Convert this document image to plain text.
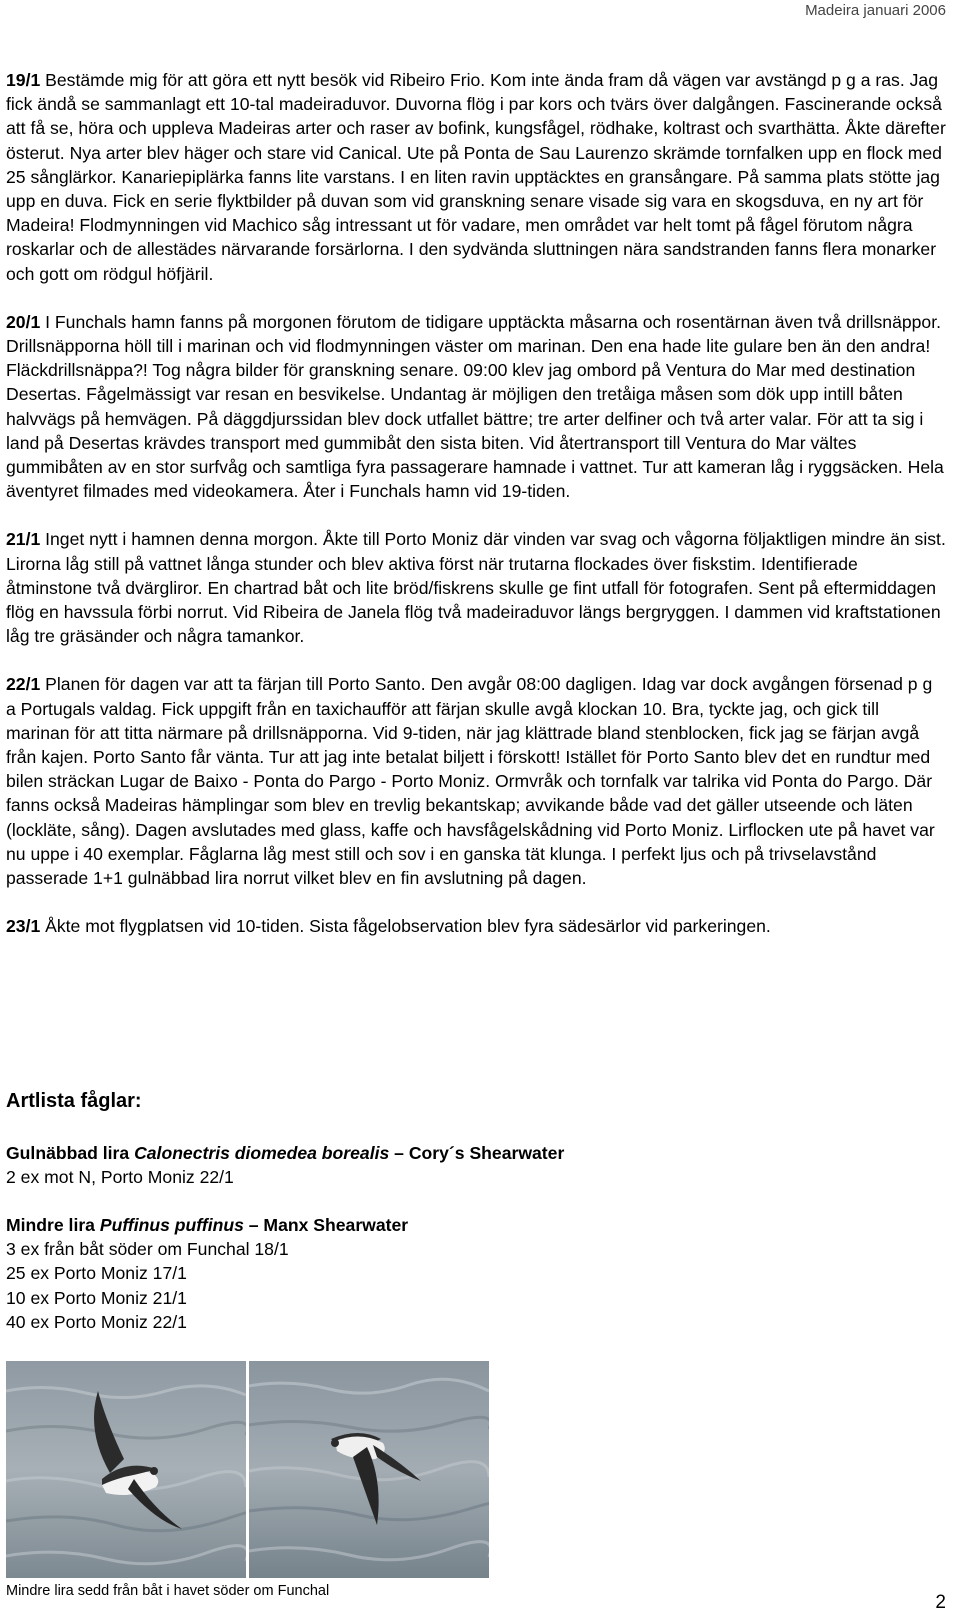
Madeira januari 2006

19/1 Bestämde mig för att göra ett nytt besök vid Ribeiro Frio. Kom inte ända fram då vägen var avstängd p g a ras. Jag fick ändå se sammanlagt ett 10-tal madeiraduvor. Duvorna flög i par kors och tvärs över dalgången. Fascinerande också att få se, höra och uppleva Madeiras arter och raser av bofink, kungsfågel, rödhake, koltrast och svarthätta. Åkte därefter österut. Nya arter blev häger och stare vid Canical. Ute på Ponta de Sau Laurenzo skrämde tornfalken upp en flock med 25 sånglärkor. Kanariepiplärka fanns lite varstans. I en liten ravin upptäcktes en gransångare. På samma plats stötte jag upp en duva. Fick en serie flyktbilder på duvan som vid granskning senare visade sig vara en skogsduva, en ny art för Madeira! Flodmynningen vid Machico såg intressant ut för vadare, men området var helt tomt på fågel förutom några roskarlar och de allestädes närvarande forsärlorna. I den sydvända sluttningen nära sandstranden fanns flera monarker och gott om rödgul höfjäril.

20/1 I Funchals hamn fanns på morgonen förutom de tidigare upptäckta måsarna och rosentärnan även två drillsnäppor. Drillsnäpporna höll till i marinan och vid flodmynningen väster om marinan. Den ena hade lite gulare ben än den andra! Fläckdrillsnäppa?! Tog några bilder för granskning senare. 09:00 klev jag ombord på Ventura do Mar med destination Desertas. Fågelmässigt var resan en besvikelse. Undantag är möjligen den tretåiga måsen som dök upp intill båten halvvägs på hemvägen. På däggdjurssidan blev dock utfallet bättre; tre arter delfiner och två arter valar. För att ta sig i land på Desertas krävdes transport med gummibåt den sista biten. Vid återtransport till Ventura do Mar vältes gummibåten av en stor surfvåg och samtliga fyra passagerare hamnade i vattnet. Tur att kameran låg i ryggsäcken. Hela äventyret filmades med videokamera. Åter i Funchals hamn vid 19-tiden.

21/1 Inget nytt i hamnen denna morgon. Åkte till Porto Moniz där vinden var svag och vågorna följaktligen mindre än sist. Lirorna låg still på vattnet långa stunder och blev aktiva först när trutarna flockades över fiskstim. Identifierade åtminstone två dvärgliror. En chartrad båt och lite bröd/fiskrens skulle ge fint utfall för fotografen. Sent på eftermiddagen flög en havssula förbi norrut. Vid Ribeira de Janela flög två madeiraduvor längs bergryggen. I dammen vid kraftstationen låg tre gräsänder och några tamankor.

22/1 Planen för dagen var att ta färjan till Porto Santo. Den avgår 08:00 dagligen. Idag var dock avgången försenad p g a Portugals valdag. Fick uppgift från en taxichaufför att färjan skulle avgå klockan 10. Bra, tyckte jag, och gick till marinan för att titta närmare på drillsnäpporna. Vid 9-tiden, när jag klättrade bland stenblocken, fick jag se färjan avgå från kajen. Porto Santo får vänta. Tur att jag inte betalat biljett i förskott! Istället för Porto Santo blev det en rundtur med bilen sträckan Lugar de Baixo - Ponta do Pargo - Porto Moniz. Ormvråk och tornfalk var talrika vid Ponta do Pargo. Där fanns också Madeiras hämplingar som blev en trevlig bekantskap; avvikande både vad det gäller utseende och läten (lockläte, sång). Dagen avslutades med glass, kaffe och havsfågelskådning vid Porto Moniz. Lirflocken ute på havet var nu uppe i 40 exemplar. Fåglarna låg mest still och sov i en ganska tät klunga. I perfekt ljus och på trivselavstånd passerade 1+1 gulnäbbad lira norrut vilket blev en fin avslutning på dagen.

23/1 Åkte mot flygplatsen vid 10-tiden. Sista fågelobservation blev fyra sädesärlor vid parkeringen.

Artlista fåglar:
Gulnäbbad lira Calonectris diomedea borealis – Cory´s Shearwater
2 ex mot N, Porto Moniz 22/1
Mindre lira Puffinus puffinus – Manx Shearwater
3 ex från båt söder om Funchal 18/1
25 ex Porto Moniz 17/1
10 ex Porto Moniz 21/1
40 ex Porto Moniz 22/1
Mindre lira sedd från båt i havet söder om Funchal
2
